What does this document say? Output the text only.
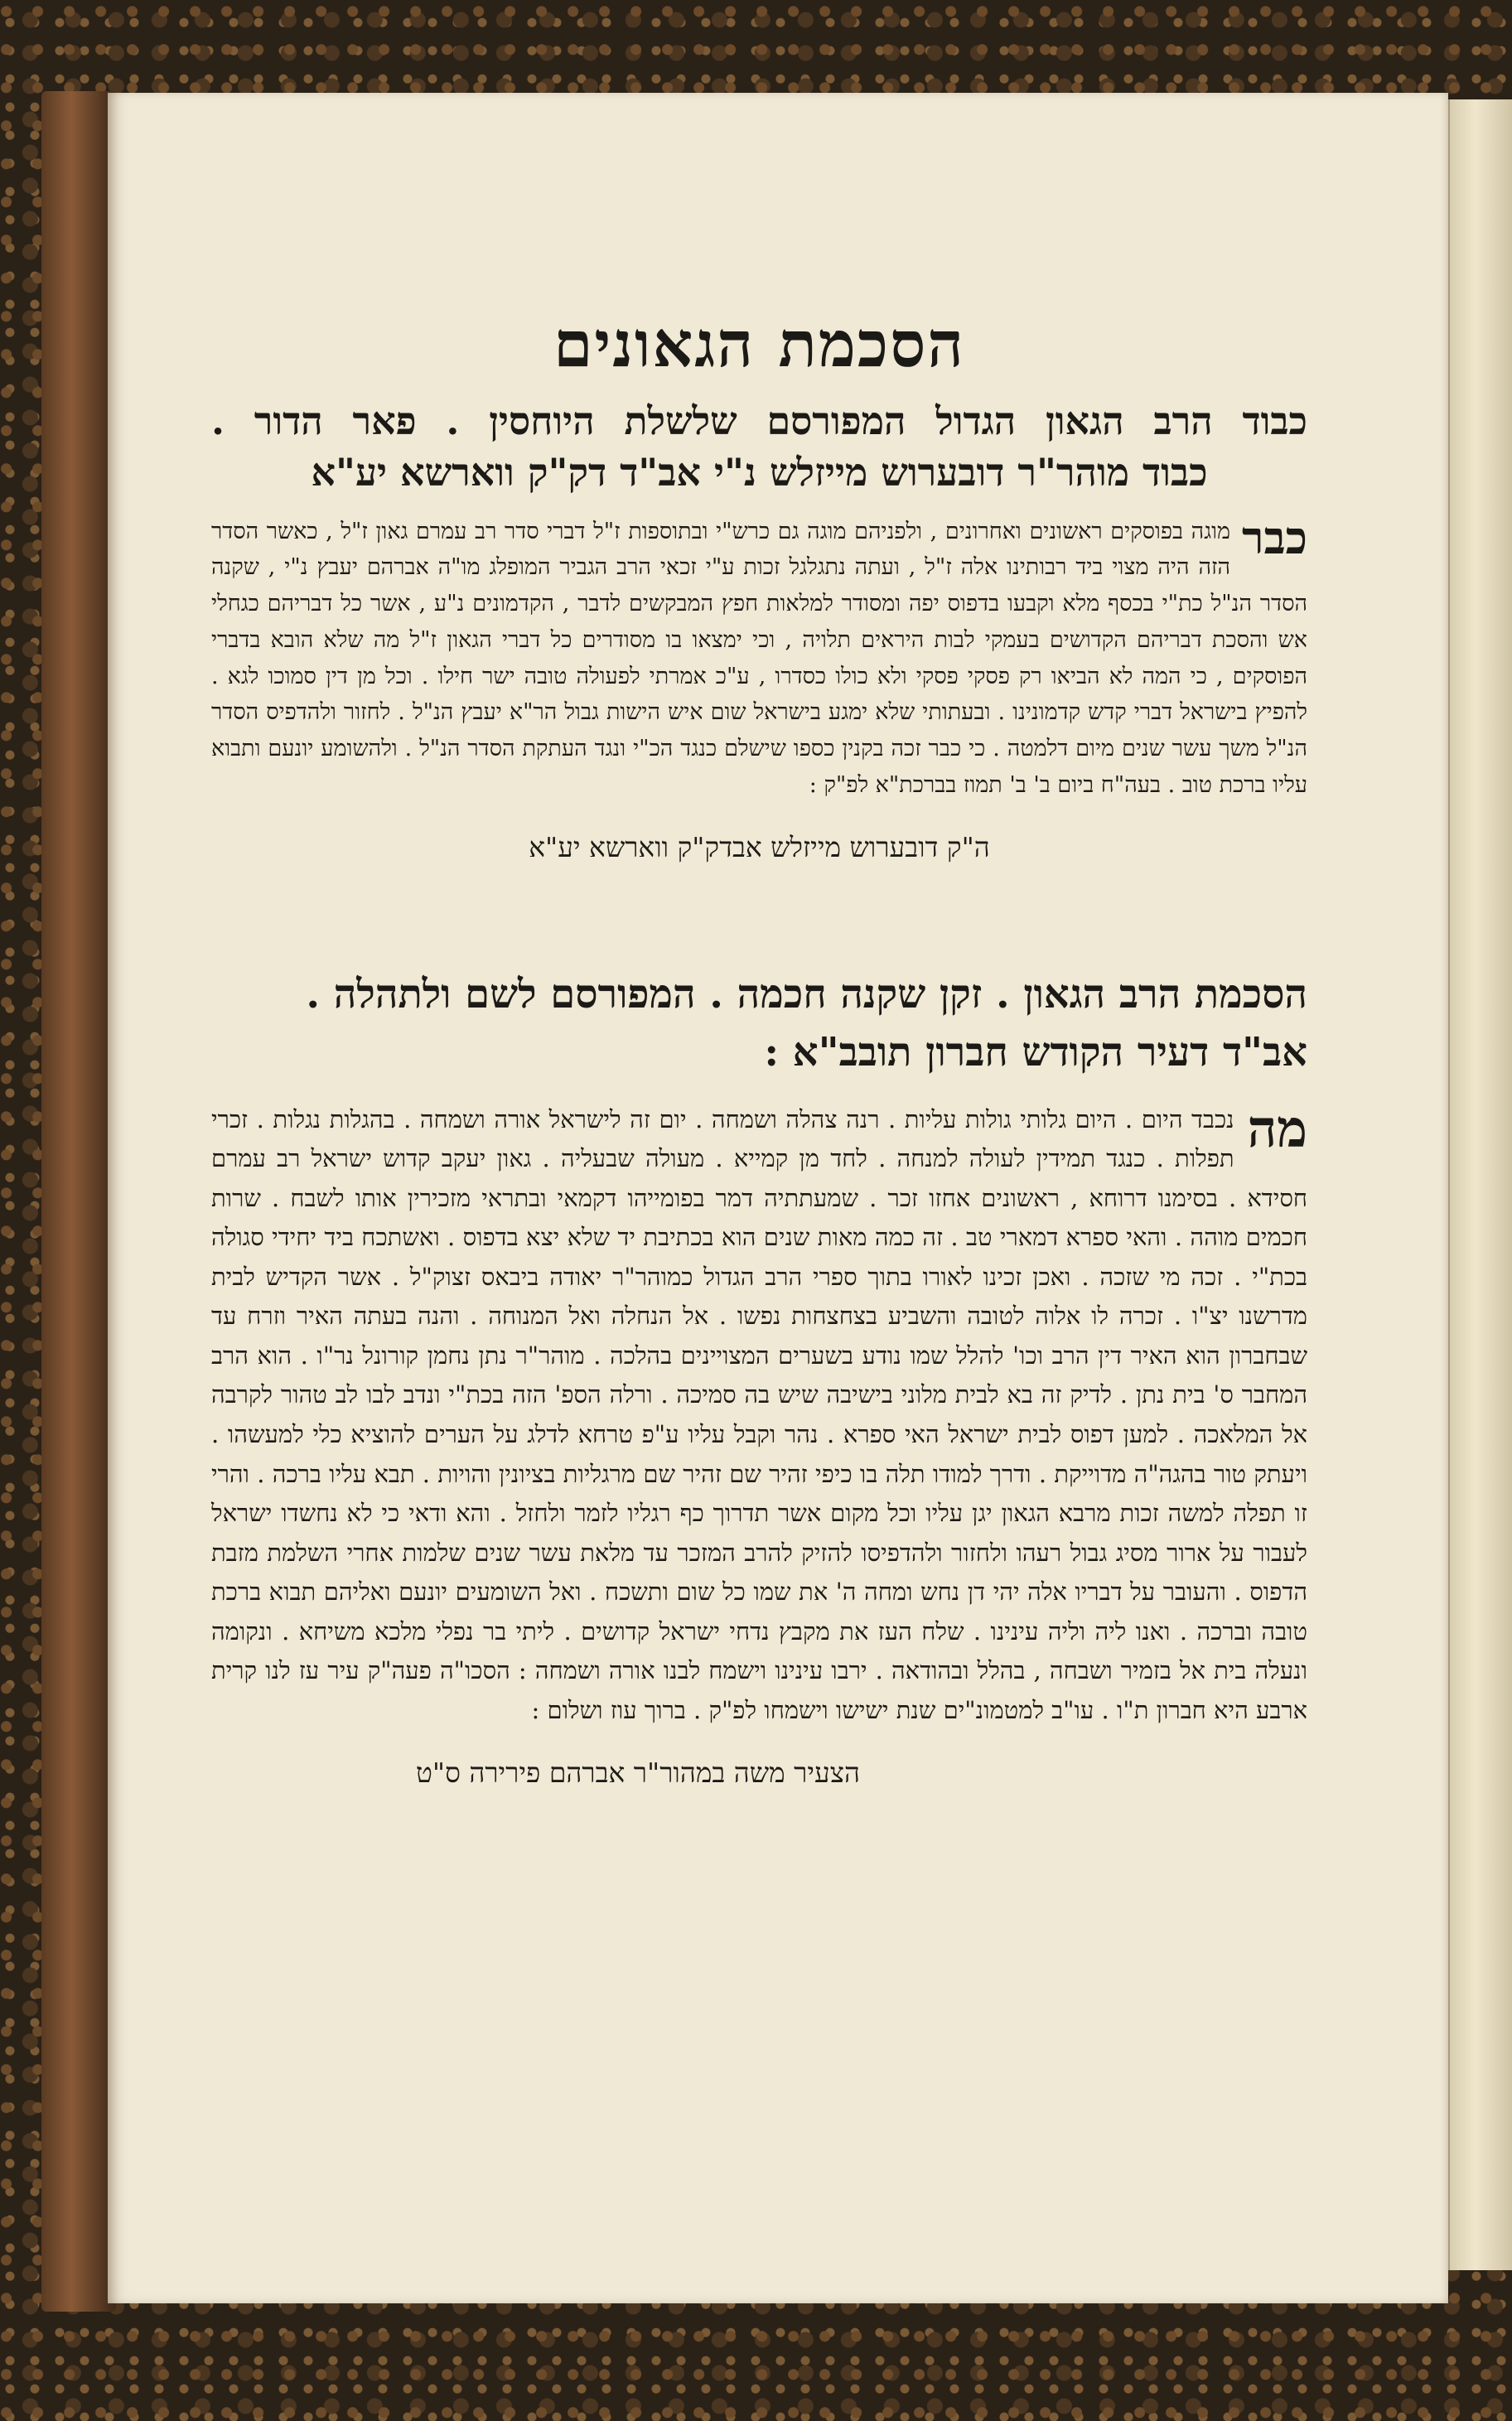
הסכמת הגאונים

כבוד הרב הגאון הגדול המפורסם שלשלת היוחסין . פאר הדור .

כבוד מוהר"ר דובערוש מייזלש נ"י אב"ד דק"ק ווארשא יע"א

כבר
מוגה בפוסקים ראשונים ואחרונים , ולפניהם מוגה גם כרש"י ובתוספות ז"ל דברי סדר רב עמרם גאון ז"ל , כאשר הסדר הזה היה מצוי ביד רבותינו אלה ז"ל , ועתה נתגלגל זכות ע"י זכאי הרב הגביר המופלג מו"ה אברהם יעבץ נ"י , שקנה הסדר הנ"ל כת"י בכסף מלא וקבעו בדפוס יפה ומסודר למלאות חפץ המבקשים לדבר , הקדמונים נ"ע , אשר כל דבריהם כגחלי אש והסכת דבריהם הקדושים בעמקי לבות היראים תלויה , וכי ימצאו בו מסודרים כל דברי הגאון ז"ל מה שלא הובא בדברי הפוסקים , כי המה לא הביאו רק פסקי פסקי ולא כולו כסדרו , ע"כ אמרתי לפעולה טובה ישר חילו . וכל מן דין סמוכו לגא . להפיץ בישראל דברי קדש קדמונינו . ובעתותי שלא ימגע בישראל שום איש הישות גבול הר"א יעבץ הנ"ל . לחזור ולהדפיס הסדר הנ"ל משך עשר שנים מיום דלמטה . כי כבר זכה בקנין כספו שישלם כנגד הכ"י ונגד העתקת הסדר הנ"ל . ולהשומע יונעם ותבוא עליו ברכת טוב . בעה"ח ביום ב' ב' תמוז בברכת"א לפ"ק :

ה"ק דובערוש מייזלש אבדק"ק ווארשא יע"א

הסכמת הרב הגאון . זקן שקנה חכמה . המפורסם לשם ולתהלה .

אב"ד דעיר הקודש חברון תובב"א :

מה
נכבד היום . היום גלותי גולות עליות . רנה צהלה ושמחה . יום זה לישראל אורה ושמחה . בהגלות נגלות . זכרי תפלות . כנגד תמידין לעולה למנחה . לחד מן קמייא . מעולה שבעליה . גאון יעקב קדוש ישראל רב עמרם חסידא . בסימנו דרוחא , ראשונים אחזו זכר . שמעתתיה דמר בפומייהו דקמאי ובתראי מזכירין אותו לשבח . שרות חכמים מוהה . והאי ספרא דמארי טב . זה כמה מאות שנים הוא בכתיבת יד שלא יצא בדפוס . ואשתכח ביד יחידי סגולה בכת"י . זכה מי שזכה . ואכן זכינו לאורו בתוך ספרי הרב הגדול כמוהר"ר יאודה ביבאס זצוק"ל . אשר הקדיש לבית מדרשנו יצ"ו . זכרה לו אלוה לטובה והשביע בצחצחות נפשו . אל הנחלה ואל המנוחה . והנה בעתה האיר וזרח עד שבחברון הוא האיר דין הרב וכו' להלל שמו נודע בשערים המצויינים בהלכה . מוהר"ר נתן נחמן קורונל נר"ו . הוא הרב המחבר ס' בית נתן . לדיק זה בא לבית מלוני בישיבה שיש בה סמיכה . ורלה הספ' הזה בכת"י ונדב לבו לב טהור לקרבה אל המלאכה . למען דפוס לבית ישראל האי ספרא . נהר וקבל עליו ע"פ טרחא לדלג על הערים להוציא כלי למעשהו . ויעתק טור בהגה"ה מדוייקת . ודרך למודו תלה בו כיפי זהיר שם זהיר שם מרגליות בציונין והויות . תבא עליו ברכה . והרי זו תפלה למשה זכות מרבא הגאון יגן עליו וכל מקום אשר תדרוך כף רגליו לזמר ולחזל . והא ודאי כי לא נחשדו ישראל לעבור על ארור מסיג גבול רעהו ולחזור ולהדפיסו להזיק להרב המזכר עד מלאת עשר שנים שלמות אחרי השלמת מזבת הדפוס . והעובר על דבריו אלה יהי דן נחש ומחה ה' את שמו כל שום ותשכח . ואל השומעים יונעם ואליהם תבוא ברכת טובה וברכה . ואנו ליה וליה עינינו . שלח העז את מקבץ נדחי ישראל קדושים . ליתי בר נפלי מלכא משיחא . ונקומה ונעלה בית אל בזמיר ושבחה , בהלל ובהודאה . ירבו עינינו וישמח לבנו אורה ושמחה : הסכו"ה פעה"ק עיר עז לנו קרית ארבע היא חברון ת"ו . עו"ב למטמונ"ים שנת ישישו וישמחו לפ"ק . ברוך עוז ושלום :

הצעיר משה במהור"ר אברהם פירירה ס"ט
